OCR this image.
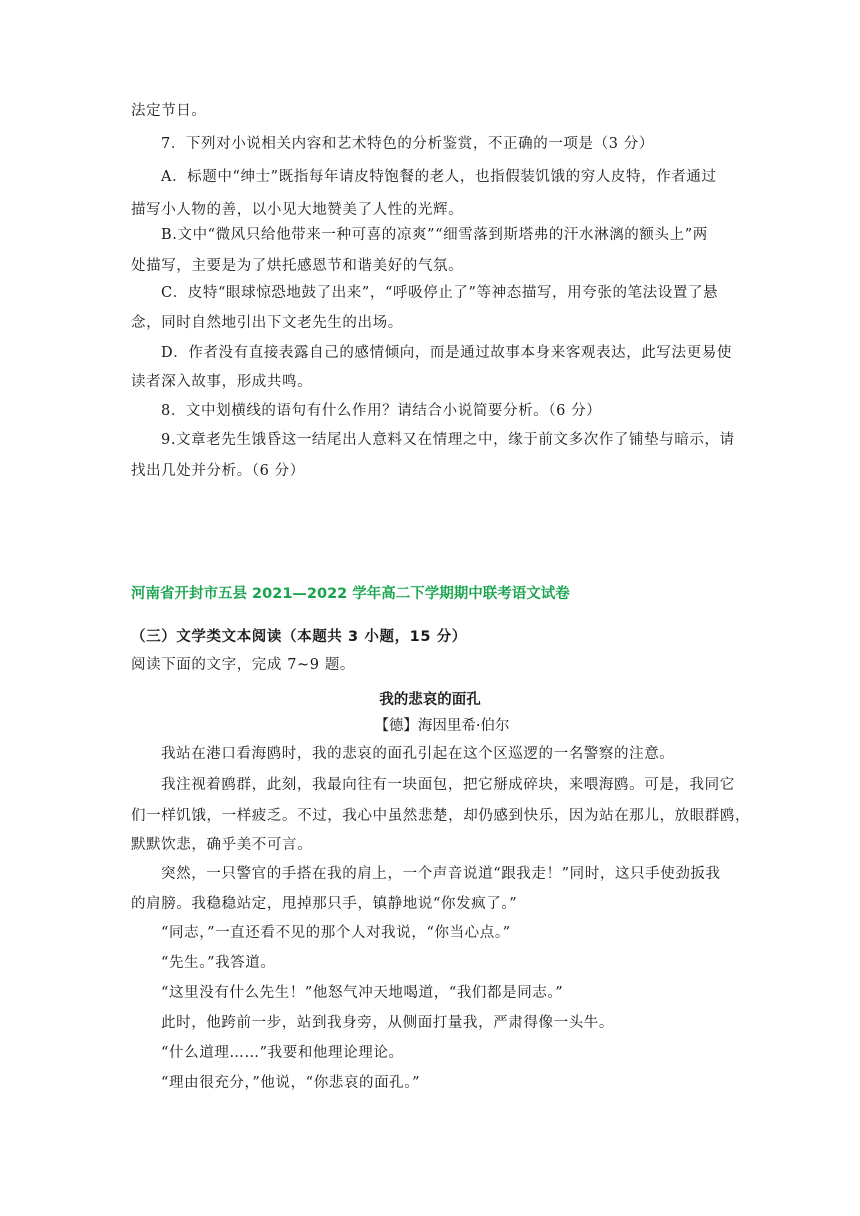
法定节日。
7．下列对小说相关内容和艺术特色的分析鉴赏，不正确的一项是（3 分）
A．标题中“绅士”既指每年请皮特饱餐的老人，也指假装饥饿的穷人皮特，作者通过
描写小人物的善，以小见大地赞美了人性的光辉。
B.文中“微风只给他带来一种可喜的凉爽”“细雪落到斯塔弗的汗水淋漓的额头上”两
处描写，主要是为了烘托感恩节和谐美好的气氛。
C．皮特“眼球惊恐地鼓了出来”，“呼吸停止了”等神态描写，用夸张的笔法设置了悬
念，同时自然地引出下文老先生的出场。
D．作者没有直接表露自己的感情倾向，而是通过故事本身来客观表达，此写法更易使
读者深入故事，形成共鸣。
8．文中划横线的语句有什么作用？请结合小说简要分析。（6 分）
9.文章老先生饿昏这一结尾出人意料又在情理之中，缘于前文多次作了铺垫与暗示，请
找出几处并分析。（6 分）
河南省开封市五县 2021—2022 学年高二下学期期中联考语文试卷
（三）文学类文本阅读（本题共 3 小题，15 分）
阅读下面的文字，完成 7~9 题。
我的悲哀的面孔
【德】海因里希·伯尔
我站在港口看海鸥时，我的悲哀的面孔引起在这个区巡逻的一名警察的注意。
我注视着鸥群，此刻，我最向往有一块面包，把它掰成碎块，来喂海鸥。可是，我同它
们一样饥饿，一样疲乏。不过，我心中虽然悲楚，却仍感到快乐，因为站在那儿，放眼群鸥，
默默饮悲，确乎美不可言。
突然，一只警官的手搭在我的肩上，一个声音说道“跟我走！”同时，这只手使劲扳我
的肩膀。我稳稳站定，甩掉那只手，镇静地说“你发疯了。”
“同志，”一直还看不见的那个人对我说，“你当心点。”
“先生。”我答道。
“这里没有什么先生！”他怒气冲天地喝道，“我们都是同志。”
此时，他跨前一步，站到我身旁，从侧面打量我，严肃得像一头牛。
“什么道理……”我要和他理论理论。
“理由很充分，”他说，“你悲哀的面孔。”
